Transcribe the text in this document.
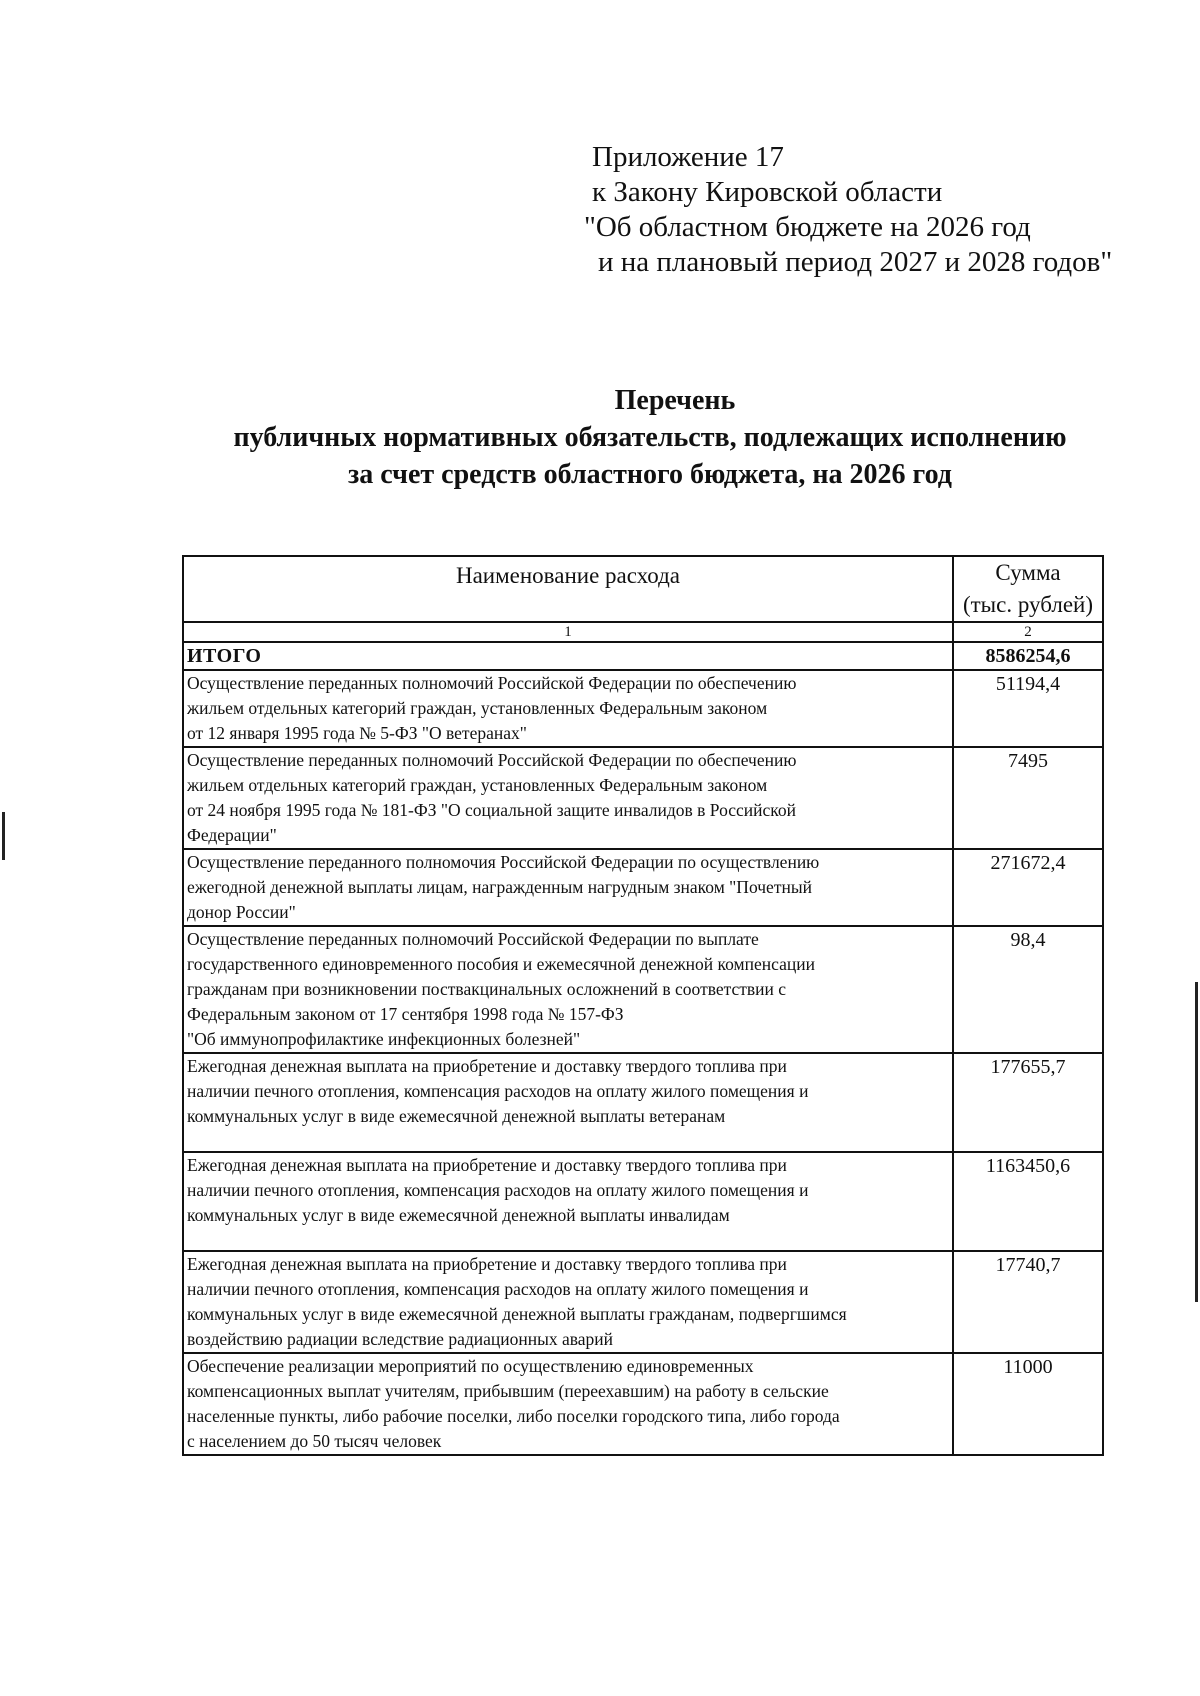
Приложение 17
к Закону Кировской области
"Об областном бюджете на 2026 год
и на плановый период 2027 и 2028 годов"
Перечень
публичных нормативных обязательств, подлежащих исполнению
за счет средств областного бюджета, на 2026 год
Наименование расхода	Сумма
(тыс. рублей)

1	2
ИТОГО	8586254,6

Осуществление переданных полномочий Российской Федерации по обеспечению
жильем отдельных категорий граждан, установленных Федеральным законом
от 12 января 1995 года № 5-ФЗ "О ветеранах"	51194,4

Осуществление переданных полномочий Российской Федерации по обеспечению
жильем отдельных категорий граждан, установленных Федеральным законом
от 24 ноября 1995 года № 181-ФЗ "О социальной защите инвалидов в Российской
Федерации"	7495

Осуществление переданного полномочия Российской Федерации по осуществлению
ежегодной денежной выплаты лицам, награжденным нагрудным знаком "Почетный
донор России"	271672,4

Осуществление переданных полномочий Российской Федерации по выплате
государственного единовременного пособия и ежемесячной денежной компенсации
гражданам при возникновении поствакцинальных осложнений в соответствии с
Федеральным законом от 17 сентября 1998 года № 157-ФЗ
"Об иммунопрофилактике инфекционных болезней"	98,4

Ежегодная денежная выплата на приобретение и доставку твердого топлива при
наличии печного отопления, компенсация расходов на оплату жилого помещения и
коммунальных услуг в виде ежемесячной денежной выплаты ветеранам	177655,7

Ежегодная денежная выплата на приобретение и доставку твердого топлива при
наличии печного отопления, компенсация расходов на оплату жилого помещения и
коммунальных услуг в виде ежемесячной денежной выплаты инвалидам	1163450,6

Ежегодная денежная выплата на приобретение и доставку твердого топлива при
наличии печного отопления, компенсация расходов на оплату жилого помещения и
коммунальных услуг в виде ежемесячной денежной выплаты гражданам, подвергшимся
воздействию радиации вследствие радиационных аварий	17740,7

Обеспечение реализации мероприятий по осуществлению единовременных
компенсационных выплат учителям, прибывшим (переехавшим) на работу в сельские
населенные пункты, либо рабочие поселки, либо поселки городского типа, либо города
с населением до 50 тысяч человек	11000
